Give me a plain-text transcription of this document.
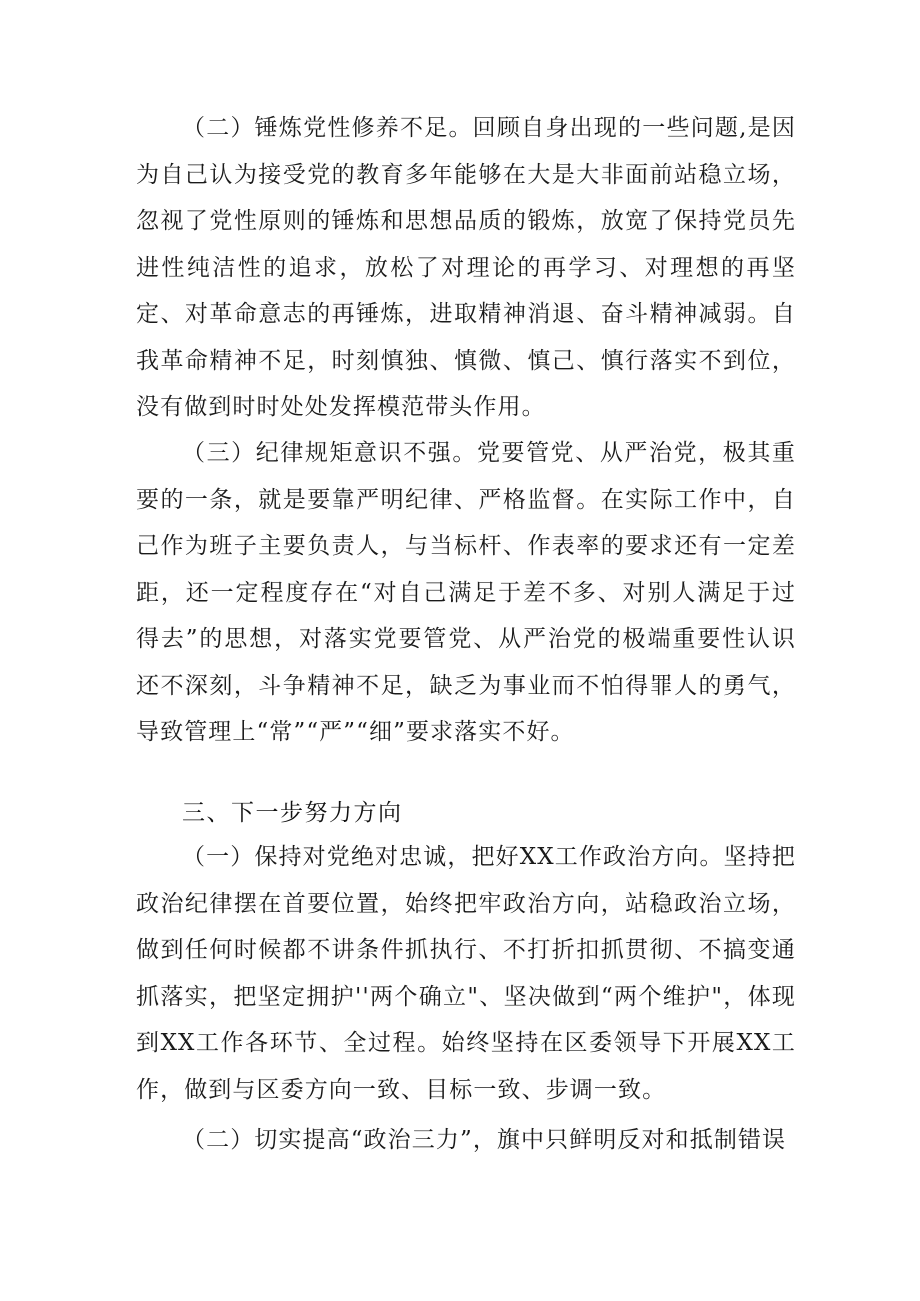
（二）锤炼党性修养不足。回顾自身出现的一些问题,是因为自己认为接受党的教育多年能够在大是大非面前站稳立场，忽视了党性原则的锤炼和思想品质的锻炼，放宽了保持党员先进性纯洁性的追求，放松了对理论的再学习、对理想的再坚定、对革命意志的再锤炼，进取精神消退、奋斗精神减弱。自我革命精神不足，时刻慎独、慎微、慎己、慎行落实不到位，没有做到时时处处发挥模范带头作用。

（三）纪律规矩意识不强。党要管党、从严治党，极其重要的一条，就是要靠严明纪律、严格监督。在实际工作中，自己作为班子主要负责人，与当标杆、作表率的要求还有一定差距，还一定程度存在“对自己满足于差不多、对别人满足于过得去”的思想，对落实党要管党、从严治党的极端重要性认识还不深刻，斗争精神不足，缺乏为事业而不怕得罪人的勇气，导致管理上“常”“严”“细”要求落实不好。

三、下一步努力方向

（一）保持对党绝对忠诚，把好XX工作政治方向。坚持把政治纪律摆在首要位置，始终把牢政治方向，站稳政治立场，做到任何时候都不讲条件抓执行、不打折扣抓贯彻、不搞变通抓落实，把坚定拥护''两个确立"、坚决做到“两个维护"，体现到XX工作各环节、全过程。始终坚持在区委领导下开展XX工作，做到与区委方向一致、目标一致、步调一致。

（二）切实提高“政治三力”，旗中只鲜明反对和抵制错误
